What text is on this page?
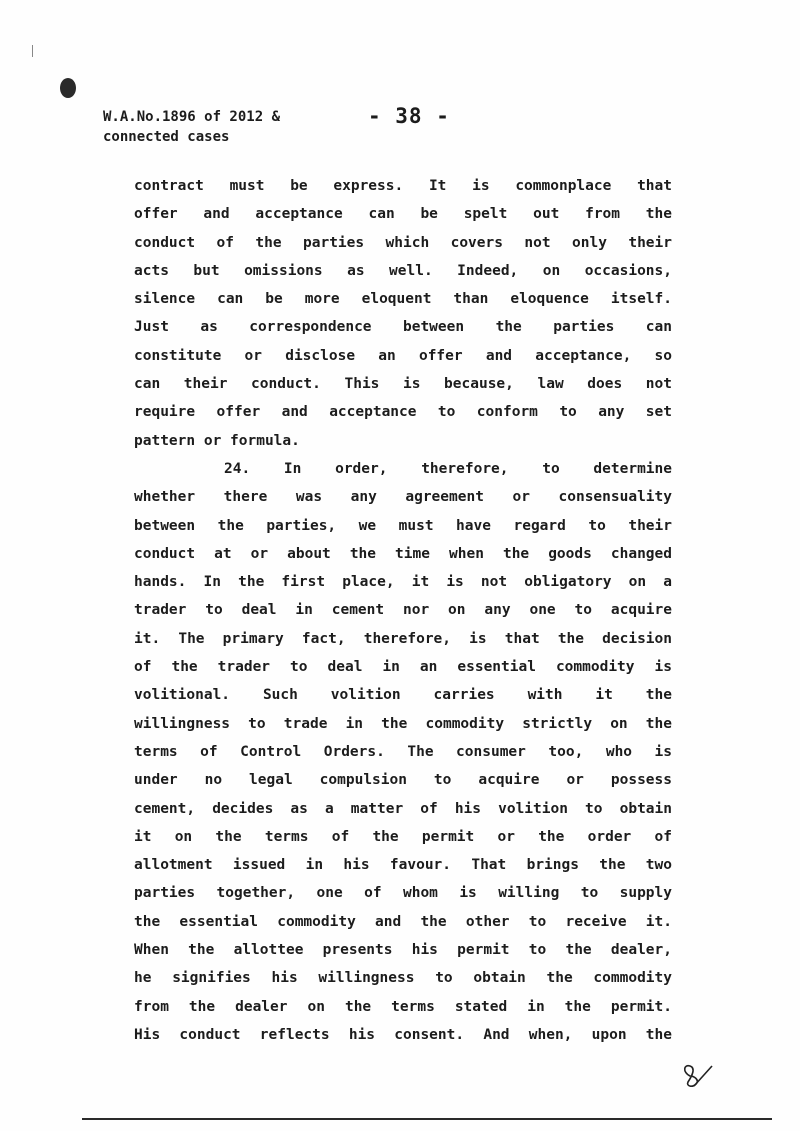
W.A.No.1896 of 2012 &
connected cases
- 38 -
contract must be express. It is commonplace that
offer and acceptance can be spelt out from the
conduct of the parties which covers not only their
acts but omissions as well. Indeed, on occasions,
silence can be more eloquent than eloquence itself.
Just as correspondence between the parties can
constitute or disclose an offer and acceptance, so
can their conduct. This is because, law does not
require offer and acceptance to conform to any set
pattern or formula.
24. In order, therefore, to determine
whether there was any agreement or consensuality
between the parties, we must have regard to their
conduct at or about the time when the goods changed
hands. In the first place, it is not obligatory on a
trader to deal in cement nor on any one to acquire
it. The primary fact, therefore, is that the decision
of the trader to deal in an essential commodity is
volitional. Such volition carries with it the
willingness to trade in the commodity strictly on the
terms of Control Orders. The consumer too, who is
under no legal compulsion to acquire or possess
cement, decides as a matter of his volition to obtain
it on the terms of the permit or the order of
allotment issued in his favour. That brings the two
parties together, one of whom is willing to supply
the essential commodity and the other to receive it.
When the allottee presents his permit to the dealer,
he signifies his willingness to obtain the commodity
from the dealer on the terms stated in the permit.
His conduct reflects his consent. And when, upon the
